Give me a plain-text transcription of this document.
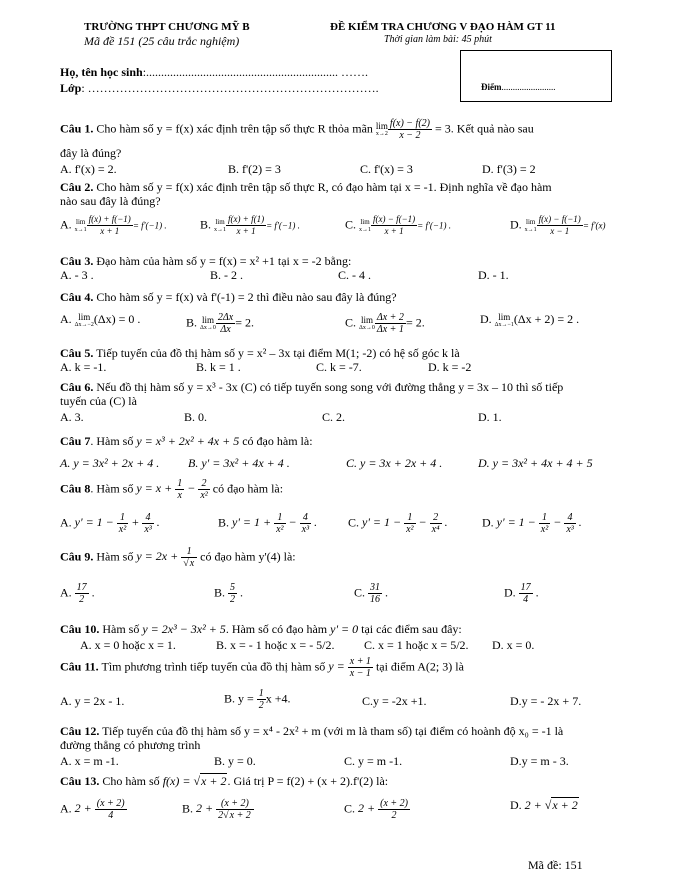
TRƯỜNG THPT CHƯƠNG MỸ B
Mã đề 151 (25 câu trắc nghiệm)
ĐỀ KIỂM TRA CHƯƠNG V ĐẠO HÀM GT 11
Thời gian làm bài: 45 phút
Họ, tên học sinh:................................................................ …….
Lớp: ……………………………………………………………….	Điểm........................
Câu 1. Cho hàm số y = f(x) xác định trên tập số thực R thỏa mãn lim
$x\to 2 \frac{f(x) - f(2)}{x - 2} = 3$. Kết quả nào sau
đây là đúng?
A. f'(x) = 2.	B. f'(2) = 3	C. f'(x) = 3	D. f'(3) = 2
Câu 2. Cho hàm số y = f(x) xác định trên tập số thực R, có đạo hàm tại x = -1. Định nghĩa về đạo hàm
nào sau đây là đúng?
A. lim
$x\to 1 \frac{f(x) + f(-1)}{x + 1} = f'(-1)$ .	B. lim
$x\to 1 \frac{f(x) + f(1)}{x + 1} = f'(-1)$ .	C. lim
$x\to 1 \frac{f(x) - f(-1)}{x + 1} = f'(-1)$ .	D. lim
$x\to 1 \frac{f(x) - f(-1)}{x - 1} = f'(x)$
Câu 3. Đạo hàm của hàm số y = f(x) = x² +1 tại x = -2 bằng:
A. - 3 .	B. - 2 .	C. - 4 .	D. - 1.
Câu 4. Cho hàm số y = f(x) và f'(-1) = 2 thì điều nào sau đây là đúng?
A. lim
Δx→−2 (Δx) = 0 .	B. lim
$\Delta x\to 0 \frac{2\Delta x}{\Delta x} = 2$.	C. lim
$\Delta x\to 0 \frac{\Delta x + 2}{\Delta x + 1} = 2$.	D. lim
Δx→−1 (Δx + 2) = 2 .
Câu 5. Tiếp tuyến của đồ thị hàm số y = x² – 3x tại điểm M(1; -2) có hệ số góc k là
A. k = -1.	B. k = 1 .	C. k = -7.	D. k = -2
Câu 6. Nếu đồ thị hàm số y = x³ - 3x (C) có tiếp tuyến song song với đường thẳng y = 3x – 10 thì số tiếp
tuyến của (C) là
A. 3.	B. 0.	C. 2.	D. 1.
Câu 7. Hàm số y = x³ + 2x² + 4x + 5 có đạo hàm là:
A. y = 3x² + 2x + 4 . B. y' = 3x² + 4x + 4 .	C. y = 3x + 2x + 4 .	D. y = 3x² + 4x + 4 + 5
Câu 8. Hàm số $y = x + \frac{1}{x} - \frac{2}{\text{x²}}$ có đạo hàm là:
A. $y' = 1 - \frac{1}{\text{x²}} + \frac{4}{\text{x³}}$ .	B. $y' = 1 + \frac{1}{\text{x²}} - \frac{4}{\text{x³}}$ .	C. $y' = 1 - \frac{1}{\text{x²}} - \frac{2}{\text{x⁴}}$ .	D. $y' = 1 - \frac{1}{\text{x²}} - \frac{4}{\text{x³}}$ .
Câu 9. Hàm số $y = 2x + \frac{1}{√x}$ có đạo hàm y'(4) là:
A. $\frac{17}{2}$ .	B. $\frac{5}{2}$ .	C. $\frac{31}{16}$ .	D. $\frac{17}{4}$ .
Câu 10. Hàm số y = 2x³ − 3x² + 5. Hàm số có đạo hàm y' = 0 tại các điểm sau đây:
A. x = 0 hoặc x = 1.	B. x = - 1 hoặc x = - 5/2. C. x = 1 hoặc x = 5/2. D. x = 0.
Câu 11. Tìm phương trình tiếp tuyến của đồ thị hàm số $y = \frac{x + 1}{x - 1}$ tại điểm A(2; 3) là
A. y = 2x - 1.	B. $y = \frac{1}{2}$ x +4.	C.y = -2x +1.	D.y = - 2x + 7.
Câu 12. Tiếp tuyến của đồ thị hàm số y = x⁴ - 2x² + m (với m là tham số) tại điểm có hoành độ x₀ = -1 là
đường thẳng có phương trình
A. x = m -1.	B. y = 0.	C. y = m -1.	D.y = m - 3.
Câu 13. Cho hàm số f(x) = √x + 2. Giá trị P = f(2) + (x + 2).f'(2) là:
A. $2 + \frac{(x + 2)}{4}$	B. $2 + \frac{(x + 2)}{2√x + 2}$	C. $2 + \frac{(x + 2)}{2}$	D. 2 + √x + 2
Mã đề: 151
